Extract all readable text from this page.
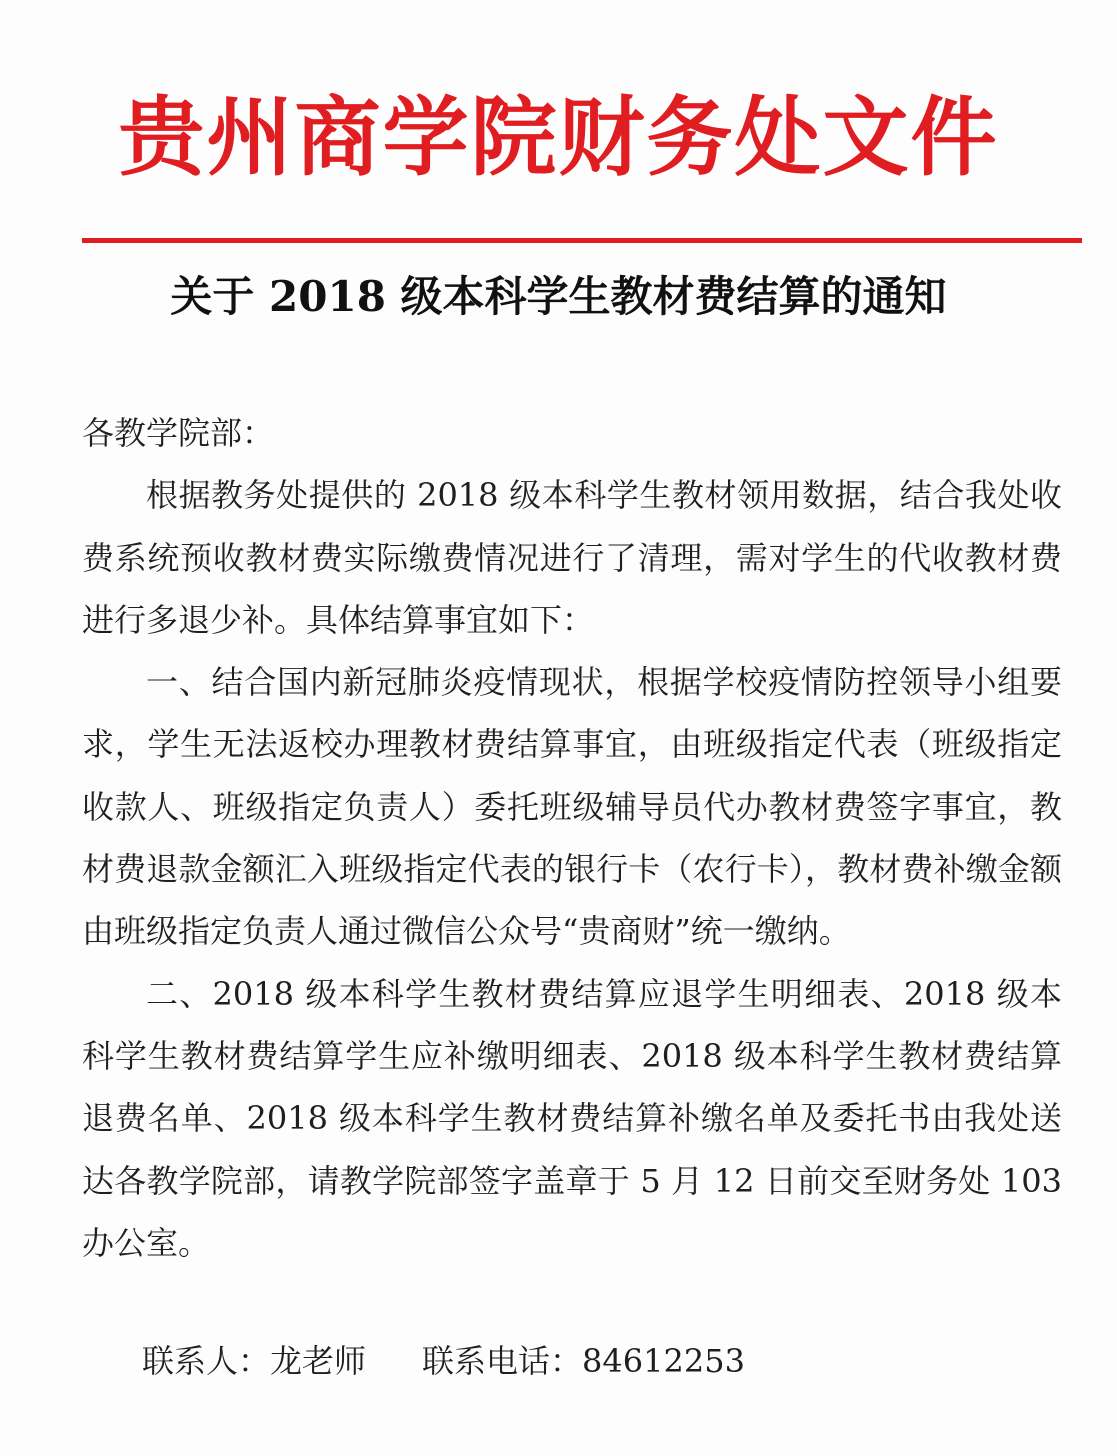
贵州商学院财务处文件
关于 2018 级本科学生教材费结算的通知

各教学院部：

根据教务处提供的 2018 级本科学生教材领用数据，结合我处收费系统预收教材费实际缴费情况进行了清理，需对学生的代收教材费进行多退少补。具体结算事宜如下：

一、结合国内新冠肺炎疫情现状，根据学校疫情防控领导小组要求，学生无法返校办理教材费结算事宜，由班级指定代表（班级指定收款人、班级指定负责人）委托班级辅导员代办教材费签字事宜，教材费退款金额汇入班级指定代表的银行卡（农行卡），教材费补缴金额由班级指定负责人通过微信公众号“贵商财”统一缴纳。

二、2018 级本科学生教材费结算应退学生明细表、2018 级本科学生教材费结算学生应补缴明细表、2018 级本科学生教材费结算退费名单、2018 级本科学生教材费结算补缴名单及委托书由我处送达各教学院部，请教学院部签字盖章于 5 月 12 日前交至财务处 103 办公室。

联系人：龙老师 联系电话：84612253
